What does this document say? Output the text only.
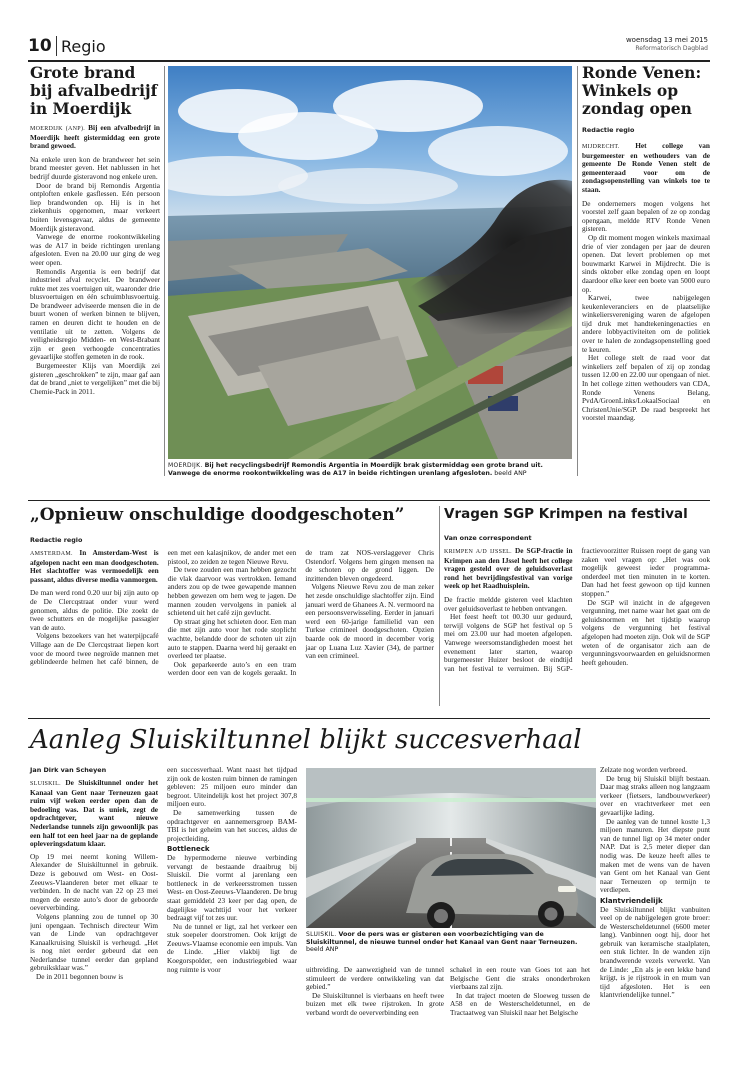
10 Regio	woensdag 13 mei 2015
Reformatorisch Dagblad
Grote brand bij afvalbedrijf in Moerdijk

MOERDIJK (ANP). Bij een afvalbedrijf in Moerdijk heeft gistermiddag een grote brand gewoed.

Na enkele uren kon de brandweer het sein brand meester geven. Het nablussen in het bedrijf duurde gisteravond nog enkele uren.

Door de brand bij Remondis Argentia ontploften enkele gasflessen. Eén persoon liep brandwonden op. Hij is in het ziekenhuis opgenomen, maar verkeert buiten levensgevaar, aldus de gemeente Moerdijk gisteravond.

Vanwege de enorme rookontwikkeling was de A17 in beide richtingen urenlang afgesloten. Even na 20.00 uur ging de weg weer open.

Remondis Argentia is een bedrijf dat industrieel afval recyclet. De brandweer rukte met zes voertuigen uit, waaronder drie blusvoertuigen en één schuimblusvoertuig. De brandweer adviseerde mensen die in de buurt wonen of werken binnen te blijven, ramen en deuren dicht te houden en de ventilatie uit te zetten. Volgens de veiligheidsregio Midden- en West-Brabant zijn er geen verhoogde concentraties gevaarlijke stoffen gemeten in de rook.

Burgemeester Klijs van Moerdijk zei gisteren „geschrokken” te zijn, maar gaf aan dat de brand „niet te vergelijken” met die bij Chemie-Pack in 2011.

MOERDIJK. Bij het recyclingsbedrijf Remondis Argentia in Moerdijk brak gistermiddag een grote brand uit. Vanwege de enorme rookontwikkeling was de A17 in beide richtingen urenlang afgesloten. beeld ANP
Ronde Venen: Winkels op zondag open
Redactie regio

MIJDRECHT. Het college van burgemeester en wethouders van de gemeente De Ronde Venen stelt de gemeenteraad voor om de zondagsopenstelling van winkels toe te staan.

De ondernemers mogen volgens het voorstel zelf gaan bepalen of ze op zondag opengaan, meldde RTV Ronde Venen gisteren.

Op dit moment mogen winkels maximaal drie of vier zondagen per jaar de deuren openen. Dat levert problemen op met bouwmarkt Karwei in Mijdrecht. Die is sinds oktober elke zondag open en loopt daardoor elke keer een boete van 5000 euro op.

Karwei, twee nabijgelegen keukenleveranciers en de plaatselijke winkeliersvereniging waren de afgelopen tijd druk met handtekeningenacties en andere lobbyactiviteiten om de politiek over te halen de zondagsopenstelling goed te keuren.

Het college stelt de raad voor dat winkeliers zelf bepalen of zij op zondag tussen 12.00 en 22.00 uur opengaan of niet. In het college zitten wethouders van CDA, Ronde Venens Belang, PvdA/GroenLinks/LokaalSociaal en ChristenUnie/SGP. De raad bespreekt het voorstel maandag.

„Opnieuw onschuldige doodgeschoten”
Redactie regio

AMSTERDAM. In Amsterdam-West is afgelopen nacht een man doodgeschoten. Het slachtoffer was vermoedelijk een passant, aldus diverse media vanmorgen.

De man werd rond 0.20 uur bij zijn auto op de De Clercqstraat onder vuur werd genomen, aldus de politie. Die zoekt de twee schutters en de mogelijke passagier van de auto.

Volgens bezoekers van het waterpijpcafé Village aan de De Clercqstraat liepen kort voor de moord twee negroïde mannen met geblindeerde helmen het café binnen, de een met een kalasjnikov, de ander met een pistool, zo zeiden ze tegen Nieuwe Revu.

De twee zouden een man hebben gezocht die vlak daarvoor was vertrokken. Iemand anders zou op de twee gewapende mannen hebben gewezen om hem weg te jagen. De mannen zouden vervolgens in paniek al schietend uit het café zijn gevlucht.

Op straat ging het schieten door. Een man die met zijn auto voor het rode stoplicht wachtte, belandde door de schoten uit zijn auto te stappen. Daarna werd hij geraakt en overleed ter plaatse.

Ook geparkeerde auto’s en een tram werden door een van de kogels geraakt. In de tram zat NOS-verslaggever Chris Ostendorf. Volgens hem gingen mensen na de schoten op de grond liggen. De inzittenden bleven ongedeerd.

Volgens Nieuwe Revu zou de man zeker het zesde onschuldige slachtoffer zijn. Eind januari werd de Ghanees A. N. vermoord na een persoonsverwisseling. Eerder in januari werd een 60-jarige familielid van een Turkse crimineel doodgeschoten. Opzien baarde ook de moord in december vorig jaar op Luana Luz Xavier (34), de partner van een crimineel.

Vragen SGP Krimpen na festival
Van onze correspondent

KRIMPEN A/D IJSSEL. De SGP-fractie in Krimpen aan den IJssel heeft het college vragen gesteld over de geluidsoverlast rond het bevrijdingsfestival van vorige week op het Raadhuisplein.

De fractie meldde gisteren veel klachten over geluidsoverlast te hebben ontvangen.

Het feest heeft tot 00.30 uur geduurd, terwijl volgens de SGP het festival op 5 mei om 23.00 uur had moeten afgelopen. Vanwege weersomstandigheden moest het evenement later starten, waarop burgemeester Huizer besloot de eindtijd van het festival te verruimen. Bij SGP-fractievoorzitter Ruissen roept de gang van zaken veel vragen op: „Het was ook mogelijk geweest ieder programma-onderdeel met tien minuten in te korten. Dan had het feest gewoon op tijd kunnen stoppen.”

De SGP wil inzicht in de afgegeven vergunning, met name waar het gaat om de geluidsnormen en het tijdstip waarop volgens de vergunning het festival afgelopen had moeten zijn. Ook wil de SGP weten of de organisator zich aan de vergunningsvoorwaarden en geluidsnormen heeft gehouden.

Aanleg Sluiskiltunnel blijkt succesverhaal
Jan Dirk van Scheyen

SLUISKIL. De Sluiskiltunnel onder het Kanaal van Gent naar Terneuzen gaat ruim vijf weken eerder open dan de bedoeling was. Dat is uniek, zegt de opdrachtgever, want nieuwe Nederlandse tunnels zijn gewoonlijk pas een half tot een heel jaar na de geplande opleveringsdatum klaar.

Op 19 mei neemt koning Willem-Alexander de Sluiskiltunnel in gebruik. Deze is gebouwd om West- en Oost-Zeeuws-Vlaanderen beter met elkaar te verbinden. In de nacht van 22 op 23 mei mogen de eerste auto’s door de geboorde oeververbinding.

Volgens planning zou de tunnel op 30 juni opengaan. Technisch directeur Wim van de Linde van opdrachtgever Kanaalkruising Sluiskil is verheugd. „Het is nog niet eerder gebeurd dat een Nederlandse tunnel eerder dan gepland gebruiksklaar was.”

De in 2011 begonnen bouw is

een succesverhaal. Want naast het tijdpad zijn ook de kosten ruim binnen de ramingen gebleven: 25 miljoen euro minder dan begroot. Uiteindelijk kost het project 307,8 miljoen euro.

De samenwerking tussen de opdrachtgever en aannemersgroep BAM-TBI is het geheim van het succes, aldus de projectleiding.

Bottleneck

De hypermoderne nieuwe verbinding vervangt de bestaande draaibrug bij Sluiskil. Die vormt al jarenlang een bottleneck in de verkeersstromen tussen West- en Oost-Zeeuws-Vlaanderen. De brug staat gemiddeld 23 keer per dag open, de dagelijkse wachttijd voor het verkeer bedraagt vijf tot zes uur.

Nu de tunnel er ligt, zal het verkeer een stuk soepeler doorstromen. Ook krijgt de Zeeuws-Vlaamse economie een impuls. Van de Linde. „Hier vlakbij ligt de Koegorspolder, een industriegebied waar nog ruimte is voor

SLUISKIL. Voor de pers was er gisteren een voorbezichtiging van de Sluiskiltunnel, de nieuwe tunnel onder het Kanaal van Gent naar Terneuzen. beeld ANP

uitbreiding. De aanwezigheid van de tunnel stimuleert de verdere ontwikkeling van dat gebied.”

De Sluiskiltunnel is vierbaans en heeft twee buizen met elk twee rijstroken. In grote verband wordt de oeververbinding een

schakel in een route van Goes tot aan het Belgische Gent die straks ononderbroken vierbaans zal zijn.

In dat traject moeten de Sloeweg tussen de A58 en de Westerscheldetunnel, en de Tractaatweg van Sluiskil naar het Belgische

Zelzate nog worden verbreed.

De brug bij Sluiskil blijft bestaan. Daar mag straks alleen nog langzaam verkeer (fietsers, landbouwverkeer) over en vrachtverkeer met een gevaarlijke lading.

De aanleg van de tunnel kostte 1,3 miljoen manuren. Het diepste punt van de tunnel ligt op 34 meter onder NAP. Dat is 2,5 meter dieper dan nodig was. De keuze heeft alles te maken met de wens van de haven van Gent om het Kanaal van Gent naar Terneuzen op termijn te verdiepen.

Klantvriendelijk

De Sluiskiltunnel blijkt vanbuiten veel op de nabijgelegen grote broer: de Westerscheldetunnel (6600 meter lang). Vanbinnen oogt hij, door het gebruik van keramische staalplaten, een stuk lichter. In de wanden zijn brandwerende vezels verwerkt. Van de Linde: „En als je een lekke band krijgt, is je rijstrook in en mum van tijd afgesloten. Het is een klantvriendelijke tunnel.”
